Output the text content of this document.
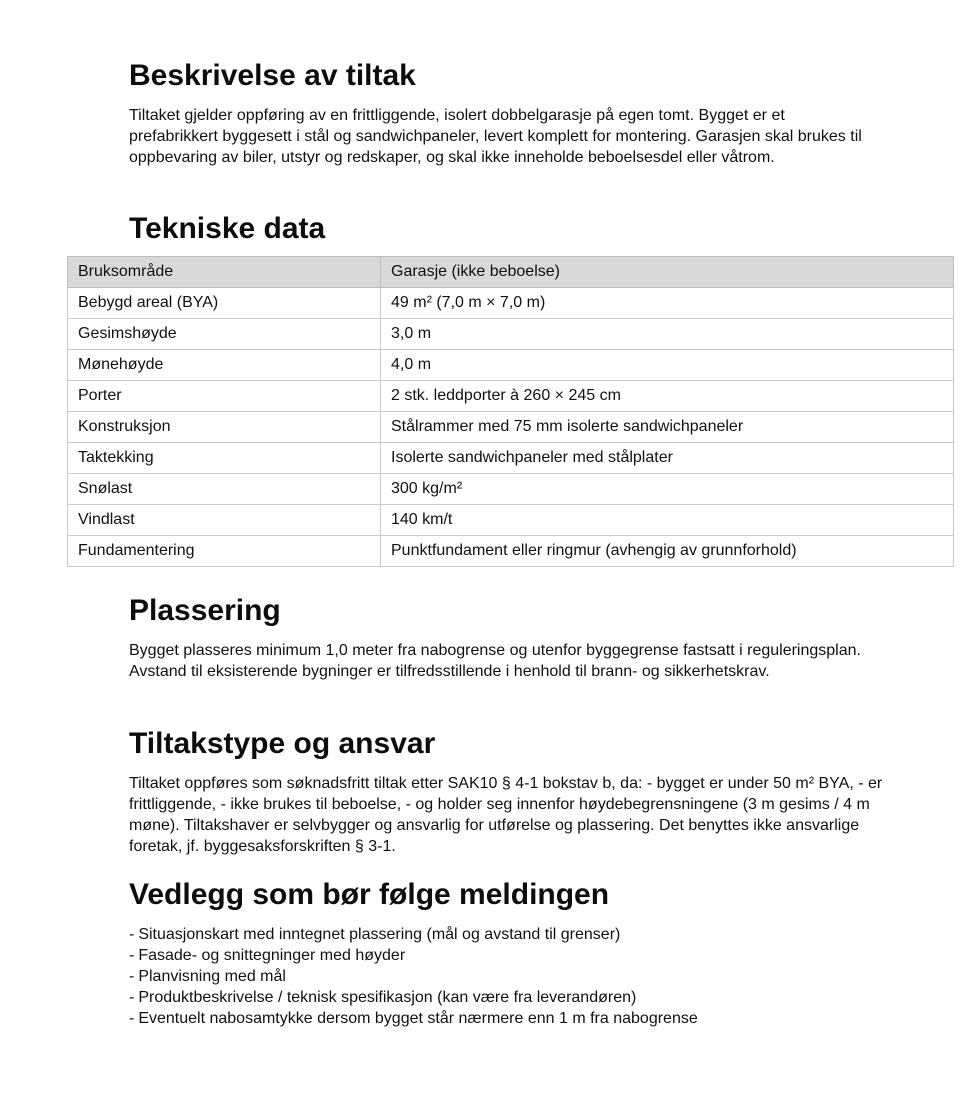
Beskrivelse av tiltak

Tiltaket gjelder oppføring av en frittliggende, isolert dobbelgarasje på egen tomt. Bygget er et prefabrikkert byggesett i stål og sandwichpaneler, levert komplett for montering. Garasjen skal brukes til oppbevaring av biler, utstyr og redskaper, og skal ikke inneholde beboelsesdel eller våtrom.

Tekniske data
Bruksområde	Garasje (ikke beboelse)
Bebygd areal (BYA)	49 m² (7,0 m × 7,0 m)
Gesimshøyde	3,0 m
Mønehøyde	4,0 m
Porter	2 stk. leddporter à 260 × 245 cm
Konstruksjon	Stålrammer med 75 mm isolerte sandwichpaneler
Taktekking	Isolerte sandwichpaneler med stålplater
Snølast	300 kg/m²
Vindlast	140 km/t
Fundamentering	Punktfundament eller ringmur (avhengig av grunnforhold)
Plassering

Bygget plasseres minimum 1,0 meter fra nabogrense og utenfor byggegrense fastsatt i reguleringsplan. Avstand til eksisterende bygninger er tilfredsstillende i henhold til brann- og sikkerhetskrav.

Tiltakstype og ansvar

Tiltaket oppføres som søknadsfritt tiltak etter SAK10 § 4-1 bokstav b, da: - bygget er under 50 m² BYA, - er frittliggende, - ikke brukes til beboelse, - og holder seg innenfor høydebegrensningene (3 m gesims / 4 m møne). Tiltakshaver er selvbygger og ansvarlig for utførelse og plassering. Det benyttes ikke ansvarlige foretak, jf. byggesaksforskriften § 3-1.

Vedlegg som bør følge meldingen
- Situasjonskart med inntegnet plassering (mål og avstand til grenser)
- Fasade- og snittegninger med høyder
- Planvisning med mål
- Produktbeskrivelse / teknisk spesifikasjon (kan være fra leverandøren)
- Eventuelt nabosamtykke dersom bygget står nærmere enn 1 m fra nabogrense
